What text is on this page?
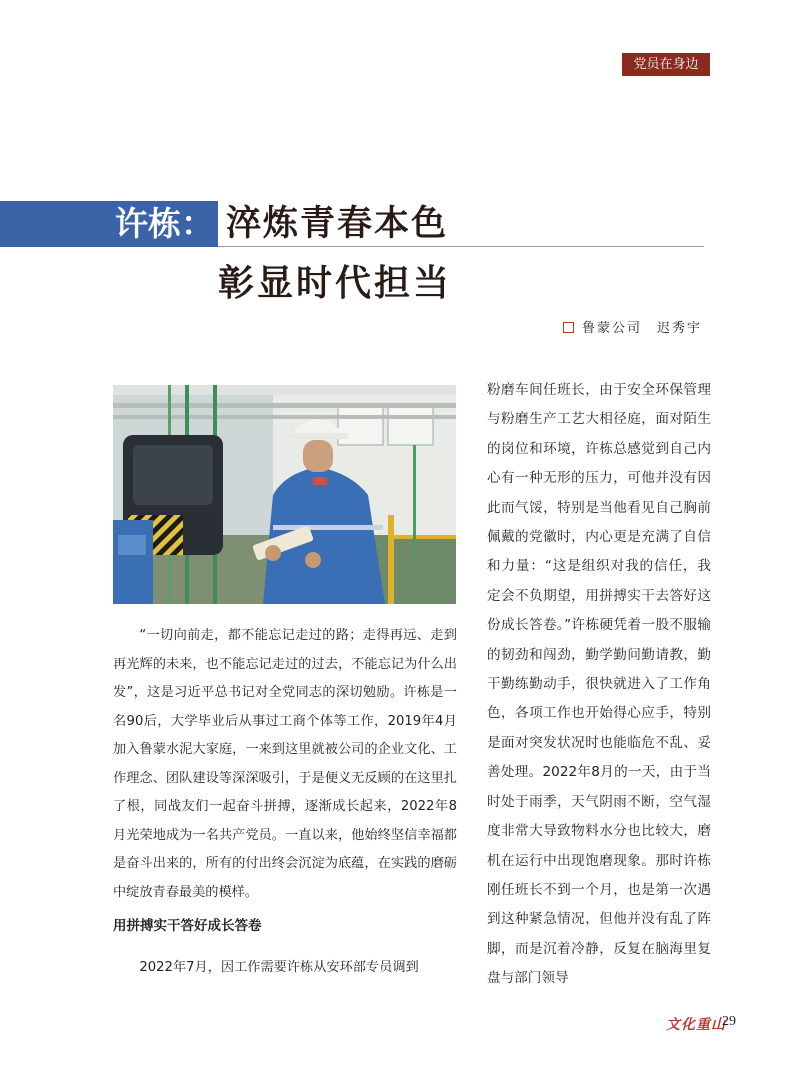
党员在身边
许栋： 淬炼青春本色
彰显时代担当
鲁蒙公司　迟秀宇

“一切向前走，都不能忘记走过的路；走得再远、走到再光辉的未来，也不能忘记走过的过去，不能忘记为什么出发”，这是习近平总书记对全党同志的深切勉励。许栋是一名90后，大学毕业后从事过工商个体等工作，2019年4月加入鲁蒙水泥大家庭，一来到这里就被公司的企业文化、工作理念、团队建设等深深吸引，于是便义无反顾的在这里扎了根，同战友们一起奋斗拼搏，逐渐成长起来，2022年8月光荣地成为一名共产党员。一直以来，他始终坚信幸福都是奋斗出来的，所有的付出终会沉淀为底蕴，在实践的磨砺中绽放青春最美的模样。

用拼搏实干答好成长答卷

2022年7月，因工作需要许栋从安环部专员调到

粉磨车间任班长，由于安全环保管理与粉磨生产工艺大相径庭，面对陌生的岗位和环境，许栋总感觉到自己内心有一种无形的压力，可他并没有因此而气馁，特别是当他看见自己胸前佩戴的党徽时，内心更是充满了自信和力量：“这是组织对我的信任，我定会不负期望，用拼搏实干去答好这份成长答卷。”许栋硬凭着一股不服输的韧劲和闯劲，勤学勤问勤请教，勤干勤练勤动手，很快就进入了工作角色，各项工作也开始得心应手，特别是面对突发状况时也能临危不乱、妥善处理。2022年8月的一天，由于当时处于雨季，天气阴雨不断，空气湿度非常大导致物料水分也比较大，磨机在运行中出现饱磨现象。那时许栋刚任班长不到一个月，也是第一次遇到这种紧急情况，但他并没有乱了阵脚，而是沉着冷静，反复在脑海里复盘与部门领导

文化重山
29
